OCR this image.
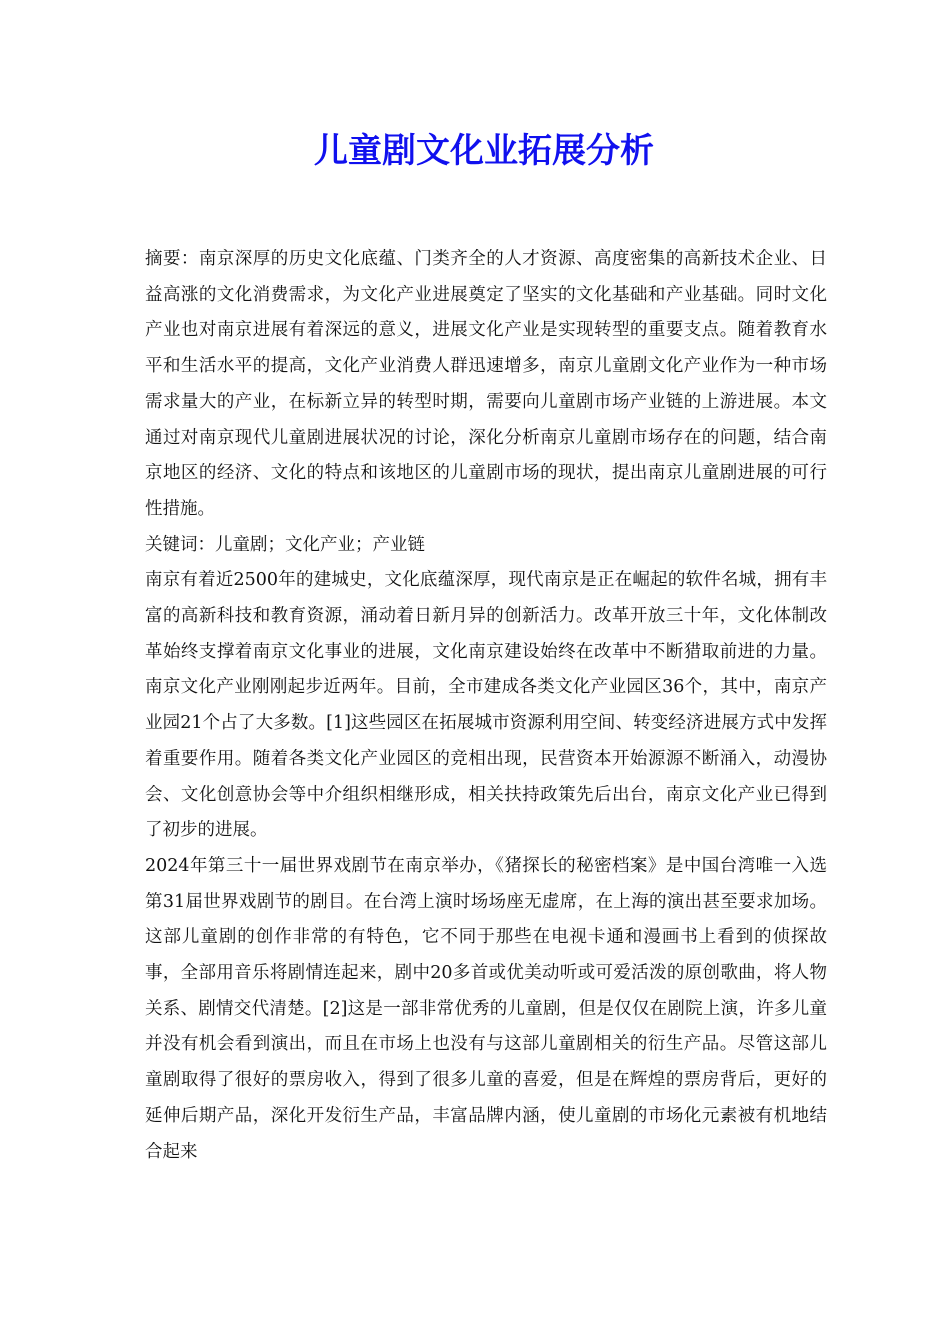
儿童剧文化业拓展分析

摘要：南京深厚的历史文化底蕴、门类齐全的人才资源、高度密集的高新技术企业、日益高涨的文化消费需求，为文化产业进展奠定了坚实的文化基础和产业基础。同时文化产业也对南京进展有着深远的意义，进展文化产业是实现转型的重要支点。随着教育水平和生活水平的提高，文化产业消费人群迅速增多，南京儿童剧文化产业作为一种市场需求量大的产业，在标新立异的转型时期，需要向儿童剧市场产业链的上游进展。本文通过对南京现代儿童剧进展状况的讨论，深化分析南京儿童剧市场存在的问题，结合南京地区的经济、文化的特点和该地区的儿童剧市场的现状，提出南京儿童剧进展的可行性措施。

关键词：儿童剧；文化产业；产业链

南京有着近2500年的建城史，文化底蕴深厚，现代南京是正在崛起的软件名城，拥有丰富的高新科技和教育资源，涌动着日新月异的创新活力。改革开放三十年，文化体制改革始终支撑着南京文化事业的进展，文化南京建设始终在改革中不断猎取前进的力量。南京文化产业刚刚起步近两年。目前，全市建成各类文化产业园区36个，其中，南京产业园21个占了大多数。[1]这些园区在拓展城市资源利用空间、转变经济进展方式中发挥着重要作用。随着各类文化产业园区的竞相出现，民营资本开始源源不断涌入，动漫协会、文化创意协会等中介组织相继形成，相关扶持政策先后出台，南京文化产业已得到了初步的进展。

2024年第三十一届世界戏剧节在南京举办，《猪探长的秘密档案》是中国台湾唯一入选第31届世界戏剧节的剧目。在台湾上演时场场座无虚席，在上海的演出甚至要求加场。这部儿童剧的创作非常的有特色，它不同于那些在电视卡通和漫画书上看到的侦探故事，全部用音乐将剧情连起来，剧中20多首或优美动听或可爱活泼的原创歌曲，将人物关系、剧情交代清楚。[2]这是一部非常优秀的儿童剧，但是仅仅在剧院上演，许多儿童并没有机会看到演出，而且在市场上也没有与这部儿童剧相关的衍生产品。尽管这部儿童剧取得了很好的票房收入，得到了很多儿童的喜爱，但是在辉煌的票房背后，更好的延伸后期产品，深化开发衍生产品，丰富品牌内涵，使儿童剧的市场化元素被有机地结合起来
